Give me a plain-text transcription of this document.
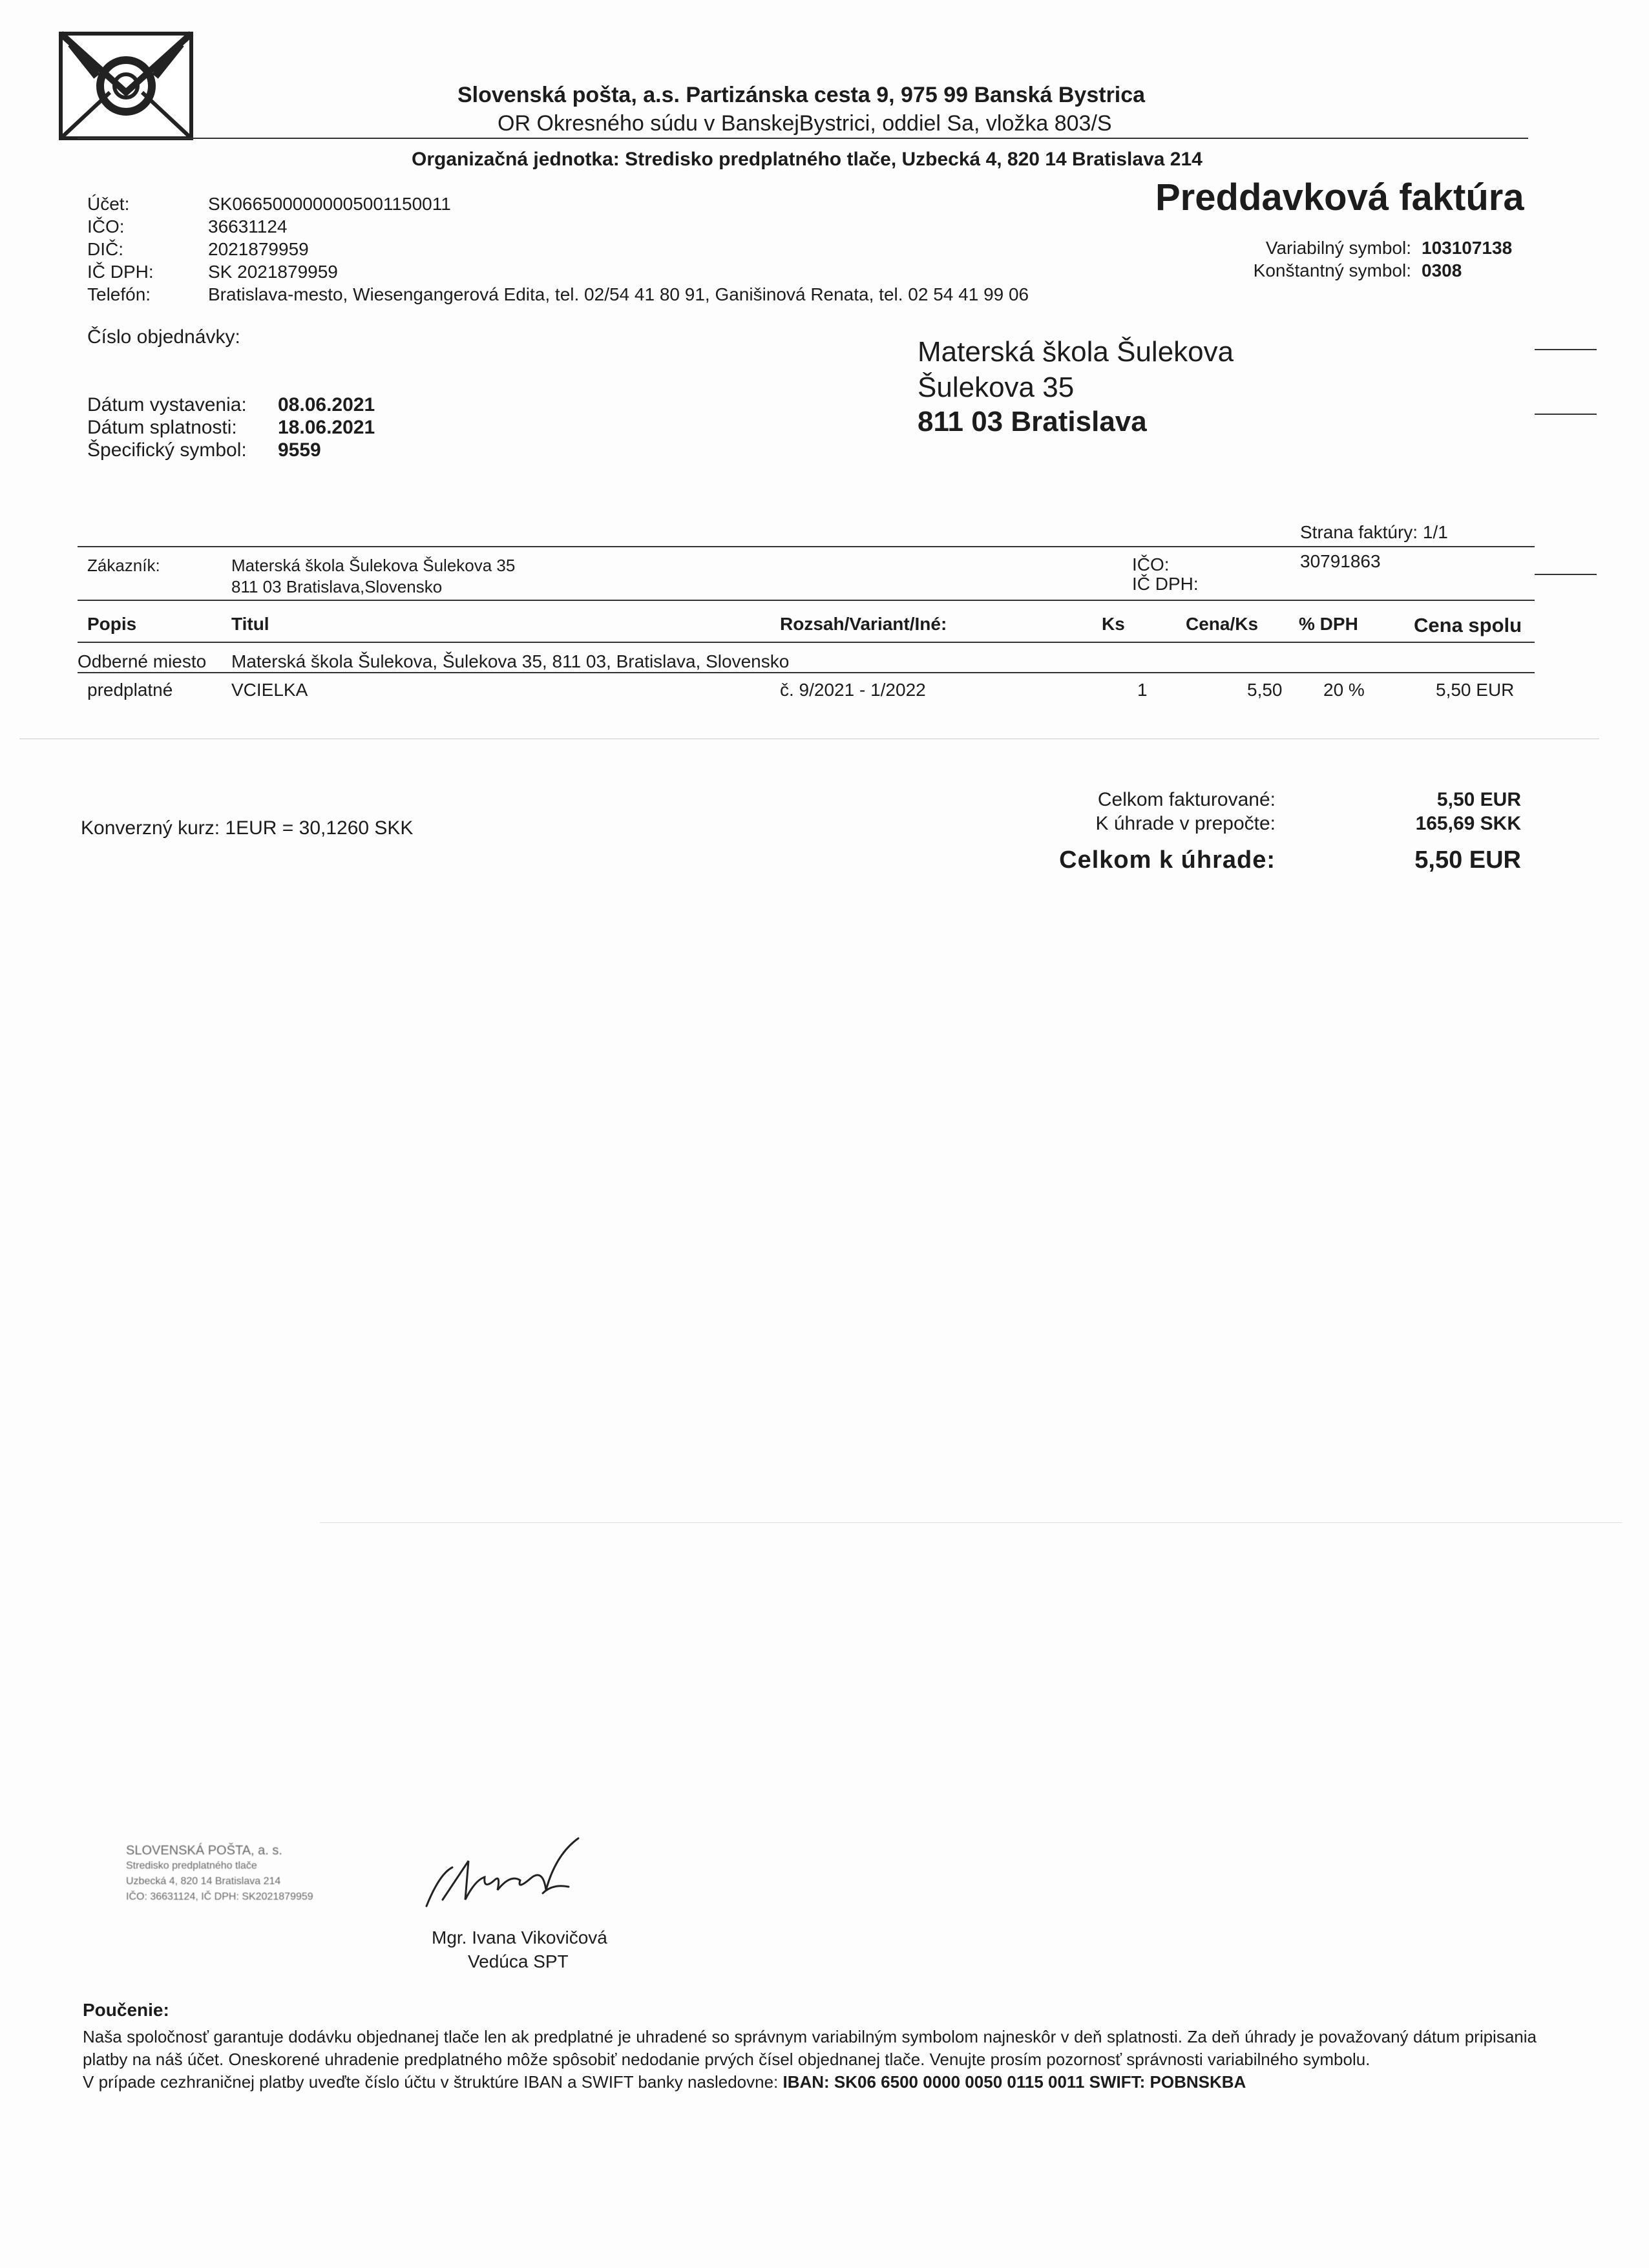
Slovenská pošta, a.s. Partizánska cesta 9, 975 99 Banská Bystrica
OR Okresného súdu v BanskejBystrici, oddiel Sa, vložka 803/S
Organizačná jednotka: Stredisko predplatného tlače, Uzbecká 4, 820 14 Bratislava 214
Preddavková faktúra
Účet:	SK0665000000005001150011
IČO:	36631124
DIČ:	2021879959
IČ DPH:	SK 2021879959
Telefón:	Bratislava-mesto, Wiesengangerová Edita, tel. 02/54 41 80 91, Ganišinová Renata, tel. 02 54 41 99 06
Variabilný symbol: 103107138
Konštantný symbol: 0308
Číslo objednávky:
Dátum vystavenia: 08.06.2021
Dátum splatnosti: 18.06.2021
Špecifický symbol: 9559
Materská škola Šulekova
Šulekova 35
811 03 Bratislava
Strana faktúry: 1/1
Zákazník:	Materská škola Šulekova Šulekova 35
811 03 Bratislava,Slovensko
IČO:	30791863
IČ DPH:
Popis	Titul	Rozsah/Variant/Iné:	Ks	Cena/Ks % DPH	Cena spolu
Odberné miesto Materská škola Šulekova, Šulekova 35, 811 03, Bratislava, Slovensko
predplatné	VCIELKA	č. 9/2021 - 1/2022	1	5,50 20 %	5,50 EUR
Konverzný kurz: 1EUR = 30,1260 SKK
Celkom fakturované:	5,50 EUR
K úhrade v prepočte:	165,69 SKK
Celkom k úhrade:	5,50 EUR
SLOVENSKÁ POŠTA, a. s.
Stredisko predplatného tlače
Uzbecká 4, 820 14 Bratislava 214
IČO: 36631124, IČ DPH: SK2021879959
Mgr. Ivana Vikovičová
Vedúca SPT
Poučenie:
Naša spoločnosť garantuje dodávku objednanej tlače len ak predplatné je uhradené so správnym variabilným symbolom najneskôr v deň splatnosti. Za deň úhrady je považovaný dátum pripisania platby na náš účet. Oneskorené uhradenie predplatného môže spôsobiť nedodanie prvých čísel objednanej tlače. Venujte prosím pozornosť správnosti variabilného symbolu.
V prípade cezhraničnej platby uveďte číslo účtu v štruktúre IBAN a SWIFT banky nasledovne: IBAN: SK06 6500 0000 0050 0115 0011 SWIFT: POBNSKBA
